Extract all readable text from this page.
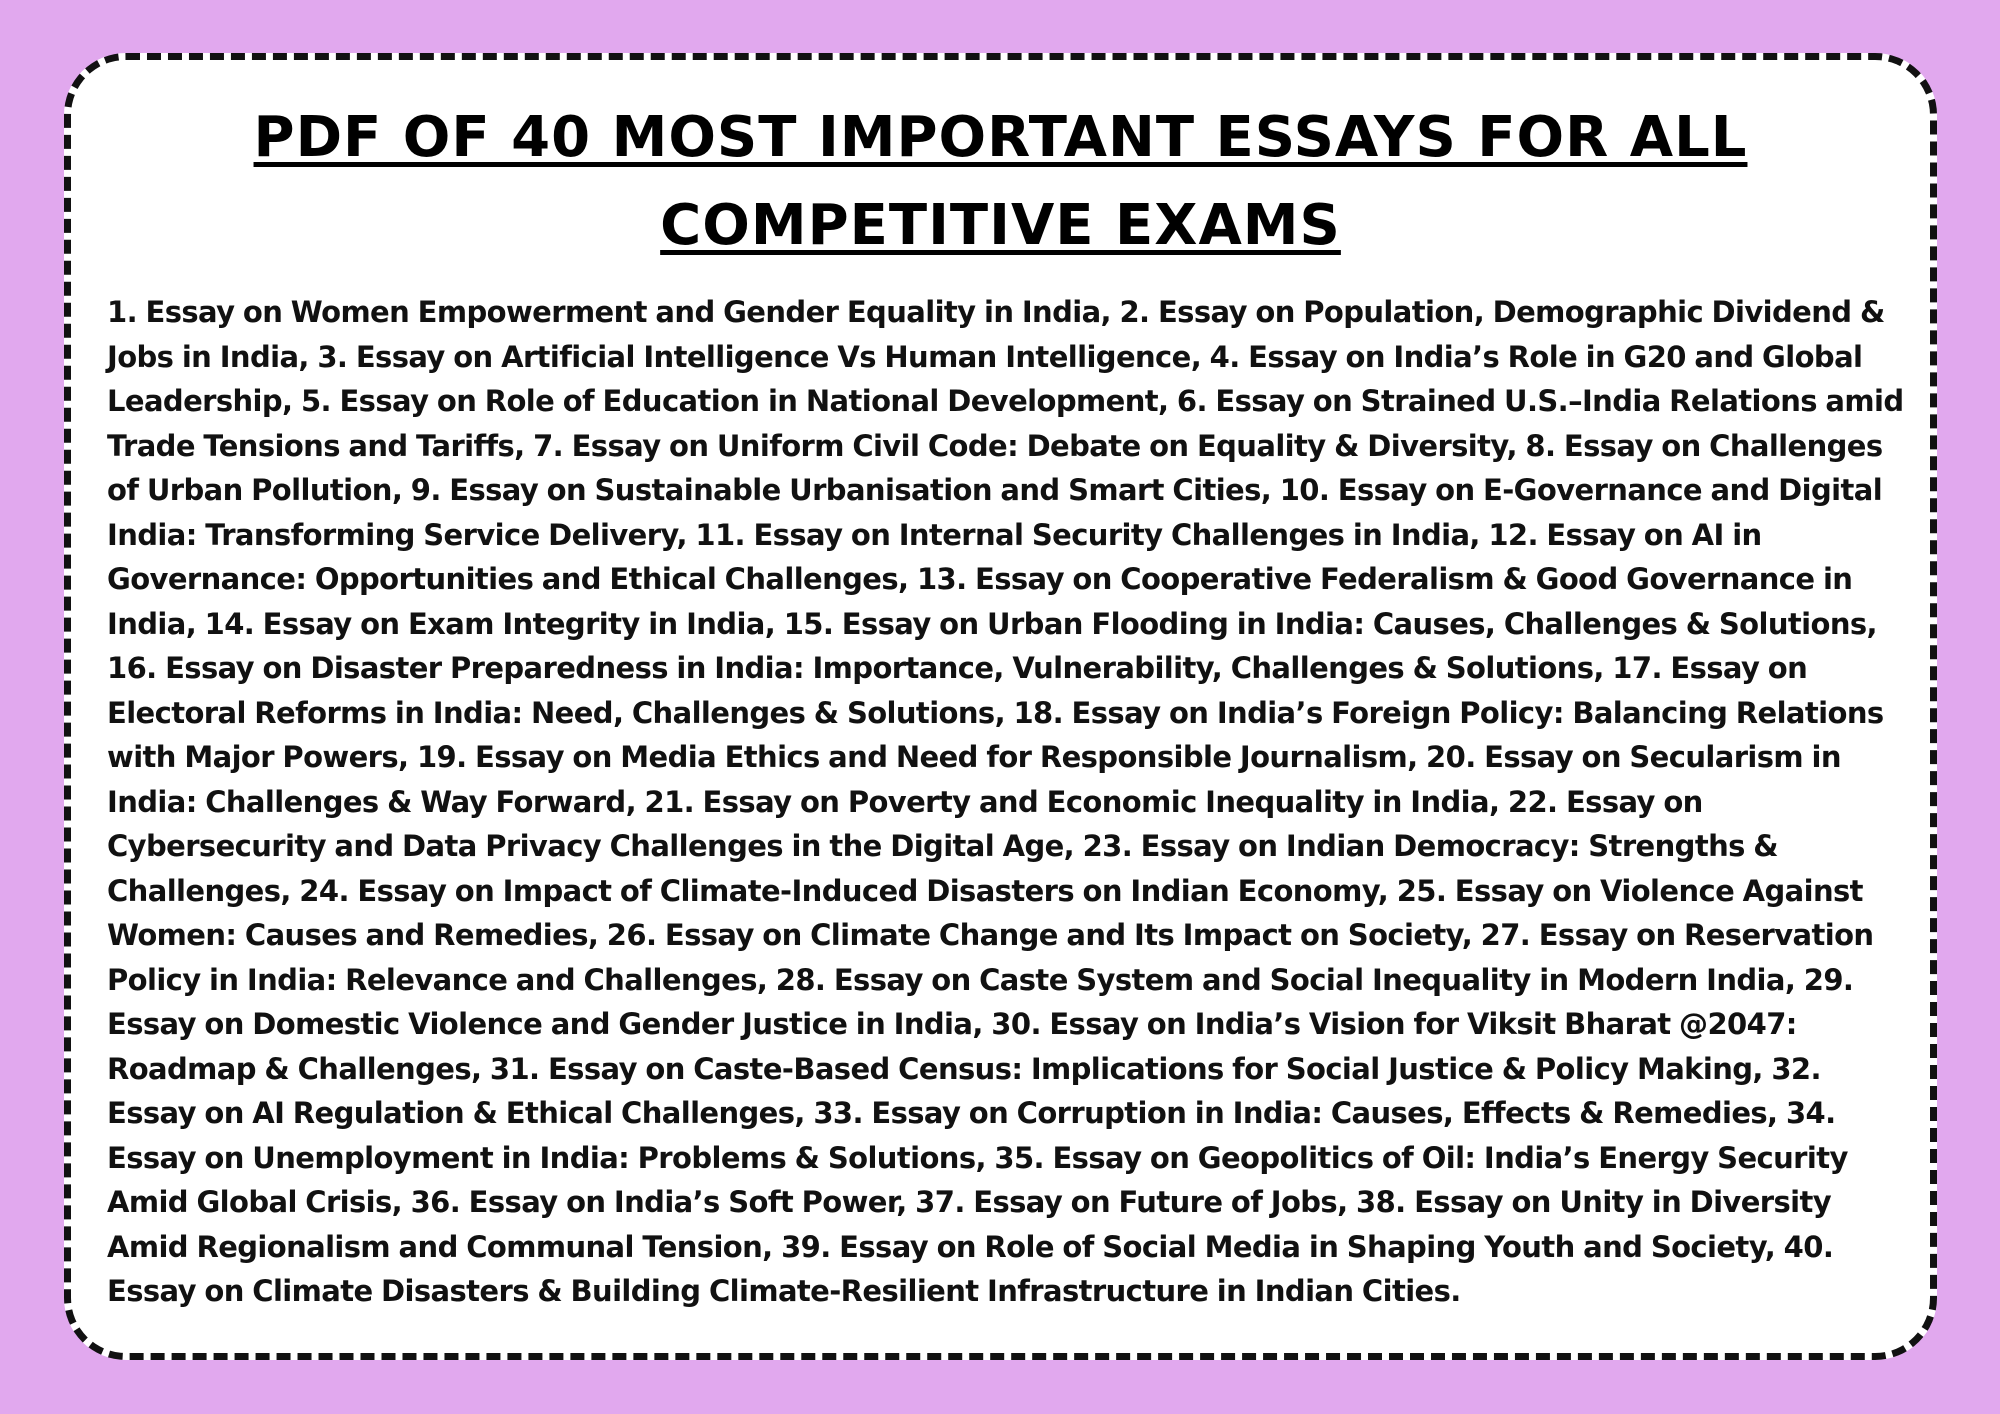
PDF OF 40 MOST IMPORTANT ESSAYS FOR ALL
COMPETITIVE EXAMS

1. Essay on Women Empowerment and Gender Equality in India, 2. Essay on Population, Demographic Dividend & Jobs in India, 3. Essay on Artificial Intelligence Vs Human Intelligence, 4. Essay on India’s Role in G20 and Global Leadership, 5. Essay on Role of Education in National Development, 6. Essay on Strained U.S.–India Relations amid Trade Tensions and Tariffs, 7. Essay on Uniform Civil Code: Debate on Equality & Diversity, 8. Essay on Challenges of Urban Pollution, 9. Essay on Sustainable Urbanisation and Smart Cities, 10. Essay on E-Governance and Digital India: Transforming Service Delivery, 11. Essay on Internal Security Challenges in India, 12. Essay on AI in Governance: Opportunities and Ethical Challenges, 13. Essay on Cooperative Federalism & Good Governance in India, 14. Essay on Exam Integrity in India, 15. Essay on Urban Flooding in India: Causes, Challenges & Solutions, 16. Essay on Disaster Preparedness in India: Importance, Vulnerability, Challenges & Solutions, 17. Essay on Electoral Reforms in India: Need, Challenges & Solutions, 18. Essay on India’s Foreign Policy: Balancing Relations with Major Powers, 19. Essay on Media Ethics and Need for Responsible Journalism, 20. Essay on Secularism in India: Challenges & Way Forward, 21. Essay on Poverty and Economic Inequality in India, 22. Essay on Cybersecurity and Data Privacy Challenges in the Digital Age, 23. Essay on Indian Democracy: Strengths & Challenges, 24. Essay on Impact of Climate-Induced Disasters on Indian Economy, 25. Essay on Violence Against Women: Causes and Remedies, 26. Essay on Climate Change and Its Impact on Society, 27. Essay on Reservation Policy in India: Relevance and Challenges, 28. Essay on Caste System and Social Inequality in Modern India, 29. Essay on Domestic Violence and Gender Justice in India, 30. Essay on India’s Vision for Viksit Bharat @2047: Roadmap & Challenges, 31. Essay on Caste-Based Census: Implications for Social Justice & Policy Making, 32. Essay on AI Regulation & Ethical Challenges, 33. Essay on Corruption in India: Causes, Effects & Remedies, 34. Essay on Unemployment in India: Problems & Solutions, 35. Essay on Geopolitics of Oil: India’s Energy Security Amid Global Crisis, 36. Essay on India’s Soft Power, 37. Essay on Future of Jobs, 38. Essay on Unity in Diversity Amid Regionalism and Communal Tension, 39. Essay on Role of Social Media in Shaping Youth and Society, 40. Essay on Climate Disasters & Building Climate-Resilient Infrastructure in Indian Cities.
